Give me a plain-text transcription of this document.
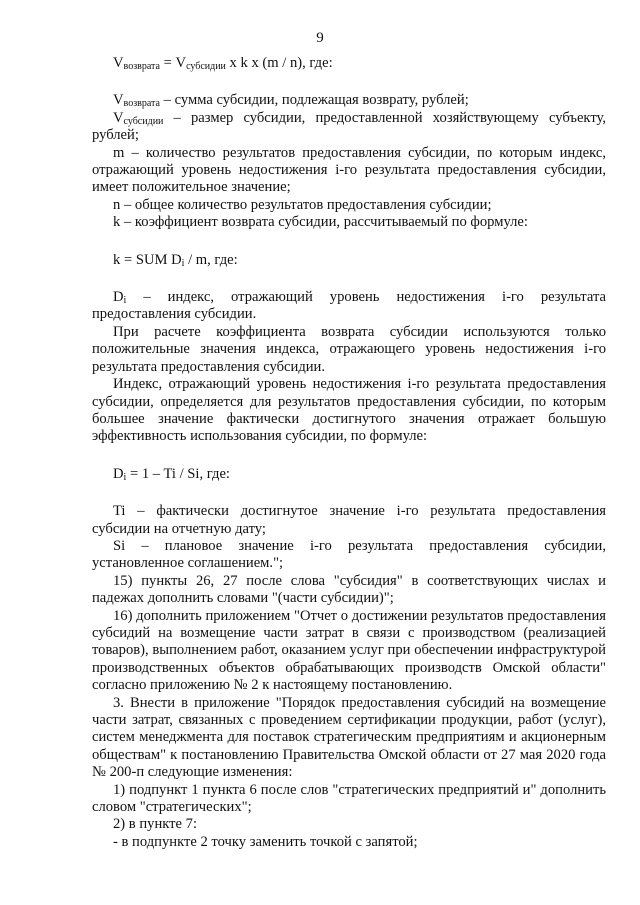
9

$V_{возврата} = V_{субсидии}$ x k x (m / n), где:

$V_{возврата}$ – сумма субсидии, подлежащая возврату, рублей;

$V_{субсидии}$ – размер субсидии, предоставленной хозяйствующему субъекту, рублей;

m – количество результатов предоставления субсидии, по которым индекс, отражающий уровень недостижения i-го результата предоставления субсидии, имеет положительное значение;

n – общее количество результатов предоставления субсидии;

k – коэффициент возврата субсидии, рассчитываемый по формуле:

k = SUM $D_i$ / m, где:

$D_i$ – индекс, отражающий уровень недостижения i-го результата предоставления субсидии.

При расчете коэффициента возврата субсидии используются только положительные значения индекса, отражающего уровень недостижения i-го результата предоставления субсидии.

Индекс, отражающий уровень недостижения i-го результата предоставления субсидии, определяется для результатов предоставления субсидии, по которым большее значение фактически достигнутого значения отражает большую эффективность использования субсидии, по формуле:

$D_i = 1 - Ti / Si$, где:

Ti – фактически достигнутое значение i-го результата предоставления субсидии на отчетную дату;

Si – плановое значение i-го результата предоставления субсидии, установленное соглашением.";

15) пункты 26, 27 после слова "субсидия" в соответствующих числах и падежах дополнить словами "(части субсидии)";

16) дополнить приложением "Отчет о достижении результатов предоставления субсидий на возмещение части затрат в связи с производством (реализацией товаров), выполнением работ, оказанием услуг при обеспечении инфраструктурой производственных объектов обрабатывающих производств Омской области" согласно приложению № 2 к настоящему постановлению.

3. Внести в приложение "Порядок предоставления субсидий на возмещение части затрат, связанных с проведением сертификации продукции, работ (услуг), систем менеджмента для поставок стратегическим предприятиям и акционерным обществам" к постановлению Правительства Омской области от 27 мая 2020 года № 200-п следующие изменения:

1) подпункт 1 пункта 6 после слов "стратегических предприятий и" дополнить словом "стратегических";

2) в пункте 7:

- в подпункте 2 точку заменить точкой с запятой;
